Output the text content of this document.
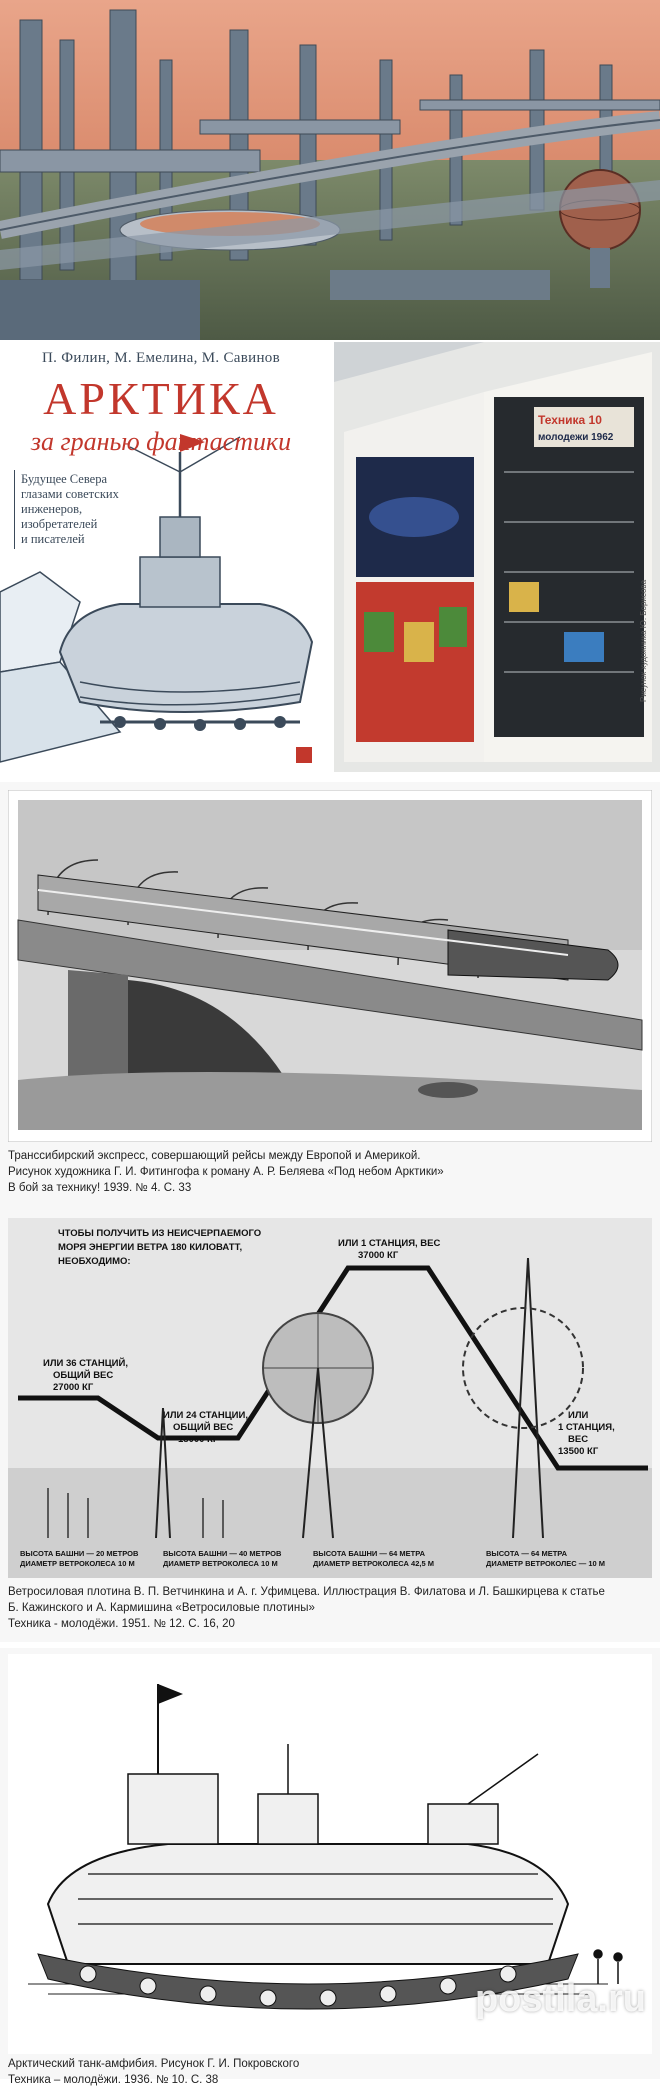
П. Филин, М. Емелина, М. Савинов
АРКТИКА
за гранью фантастики
Будущее Севера
глазами советских
инженеров,
изобретателей
и писателей
Техника 10
молодежи 1962
Рисунок художника Ю. Борисова
Транссибирский экспресс, совершающий рейсы между Европой и Америкой.
Рисунок художника Г. И. Фитингофа к роману А. Р. Беляева «Под небом Арктики»
В бой за технику! 1939. № 4. С. 33
ЧТОБЫ ПОЛУЧИТЬ ИЗ НЕИСЧЕРПАЕМОГО
МОРЯ ЭНЕРГИИ ВЕТРА 180 КИЛОВАТТ,
НЕОБХОДИМО:
ИЛИ 36 СТАНЦИЙ,
ОБЩИЙ ВЕС
27000 КГ
ИЛИ 24 СТАНЦИИ,
ОБЩИЙ ВЕС
18000 КГ
ИЛИ 1 СТАНЦИЯ, ВЕС
37000 КГ
ИЛИ
1 СТАНЦИЯ,
ВЕС
13500 КГ
ВЫСОТА БАШНИ — 20 МЕТРОВ
ДИАМЕТР ВЕТРОКОЛЕСА 10 М
ВЫСОТА БАШНИ — 40 МЕТРОВ
ДИАМЕТР ВЕТРОКОЛЕСА 10 М
ВЫСОТА БАШНИ — 64 МЕТРА
ДИАМЕТР ВЕТРОКОЛЕСА 42,5 М
ВЫСОТА — 64 МЕТРА
ДИАМЕТР ВЕТРОКОЛЕС — 10 М
Ветросиловая плотина В. П. Ветчинкина и А. г. Уфимцева. Иллюстрация В. Филатова и Л. Башкирцева к статье
Б. Кажинского и А. Кармишина «Ветросиловые плотины»
Техника - молодёжи. 1951. № 12. С. 16, 20
Арктический танк-амфибия. Рисунок Г. И. Покровского
Техника – молодёжи. 1936. № 10. С. 38
postila.ru
